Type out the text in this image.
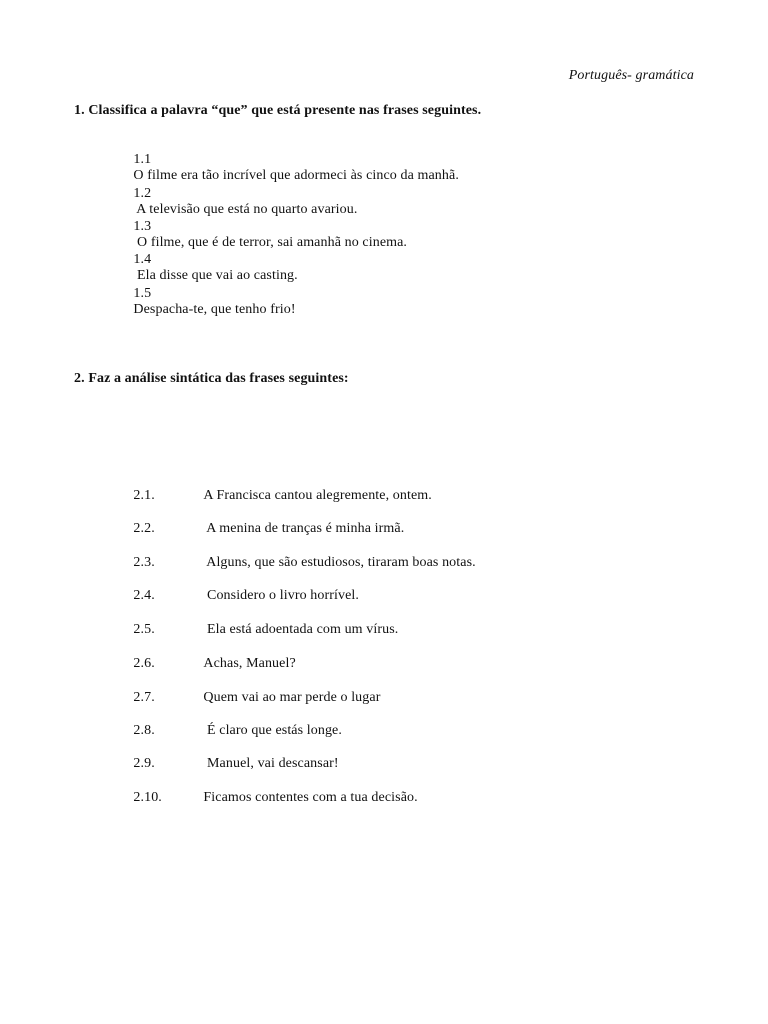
Português- gramática
1. Classifica a palavra “que” que está presente nas frases seguintes.

1.1
O filme era tão incrível que adormeci às cinco da manhã.

1.2
A televisão que está no quarto avariou.

1.3
O filme, que é de terror, sai amanhã no cinema.

1.4
Ela disse que vai ao casting.

1.5
Despacha-te, que tenho frio!

2. Faz a análise sintática das frases seguintes:

2.1.	A Francisca cantou alegremente, ontem.

2.2.	A menina de tranças é minha irmã.

2.3.	Alguns, que são estudiosos, tiraram boas notas.

2.4.	Considero o livro horrível.

2.5.	Ela está adoentada com um vírus.

2.6.	Achas, Manuel?

2.7.	Quem vai ao mar perde o lugar

2.8.	É claro que estás longe.

2.9.	Manuel, vai descansar!

2.10.	Ficamos contentes com a tua decisão.
